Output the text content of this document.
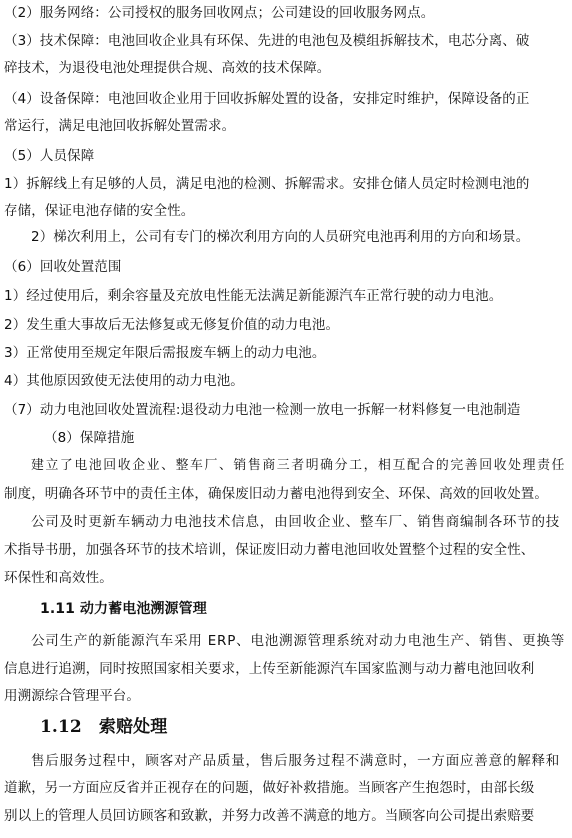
（2）服务网络：公司授权的服务回收网点；公司建设的回收服务网点。
（3）技术保障：电池回收企业具有环保、先进的电池包及模组拆解技术，电芯分离、破
碎技术，为退役电池处理提供合规、高效的技术保障。
（4）设备保障：电池回收企业用于回收拆解处置的设备，安排定时维护，保障设备的正
常运行，满足电池回收拆解处置需求。
（5）人员保障
1）拆解线上有足够的人员，满足电池的检测、拆解需求。安排仓储人员定时检测电池的
存储，保证电池存储的安全性。
2）梯次利用上，公司有专门的梯次利用方向的人员研究电池再利用的方向和场景。
（6）回收处置范围
1）经过使用后，剩余容量及充放电性能无法满足新能源汽车正常行驶的动力电池。
2）发生重大事故后无法修复或无修复价值的动力电池。
3）正常使用至规定年限后需报废车辆上的动力电池。
4）其他原因致使无法使用的动力电池。
（7）动力电池回收处置流程:退役动力电池一检测一放电一拆解一材料修复一电池制造
（8）保障措施
建立了电池回收企业、整车厂、销售商三者明确分工，相互配合的完善回收处理责任
制度，明确各环节中的责任主体，确保废旧动力蓄电池得到安全、环保、高效的回收处置。
公司及时更新车辆动力电池技术信息，由回收企业、整车厂、销售商编制各环节的技
术指导书册，加强各环节的技术培训，保证废旧动力蓄电池回收处置整个过程的安全性、
环保性和高效性。
1.11 动力蓄电池溯源管理
公司生产的新能源汽车采用 ERP、电池溯源管理系统对动力电池生产、销售、更换等
信息进行追溯，同时按照国家相关要求，上传至新能源汽车国家监测与动力蓄电池回收利
用溯源综合管理平台。
1.12　索赔处理
售后服务过程中，顾客对产品质量，售后服务过程不满意时，一方面应善意的解释和
道歉，另一方面应反省并正视存在的问题，做好补救措施。当顾客产生抱怨时，由部长级
别以上的管理人员回访顾客和致歉，并努力改善不满意的地方。当顾客向公司提出索赔要
